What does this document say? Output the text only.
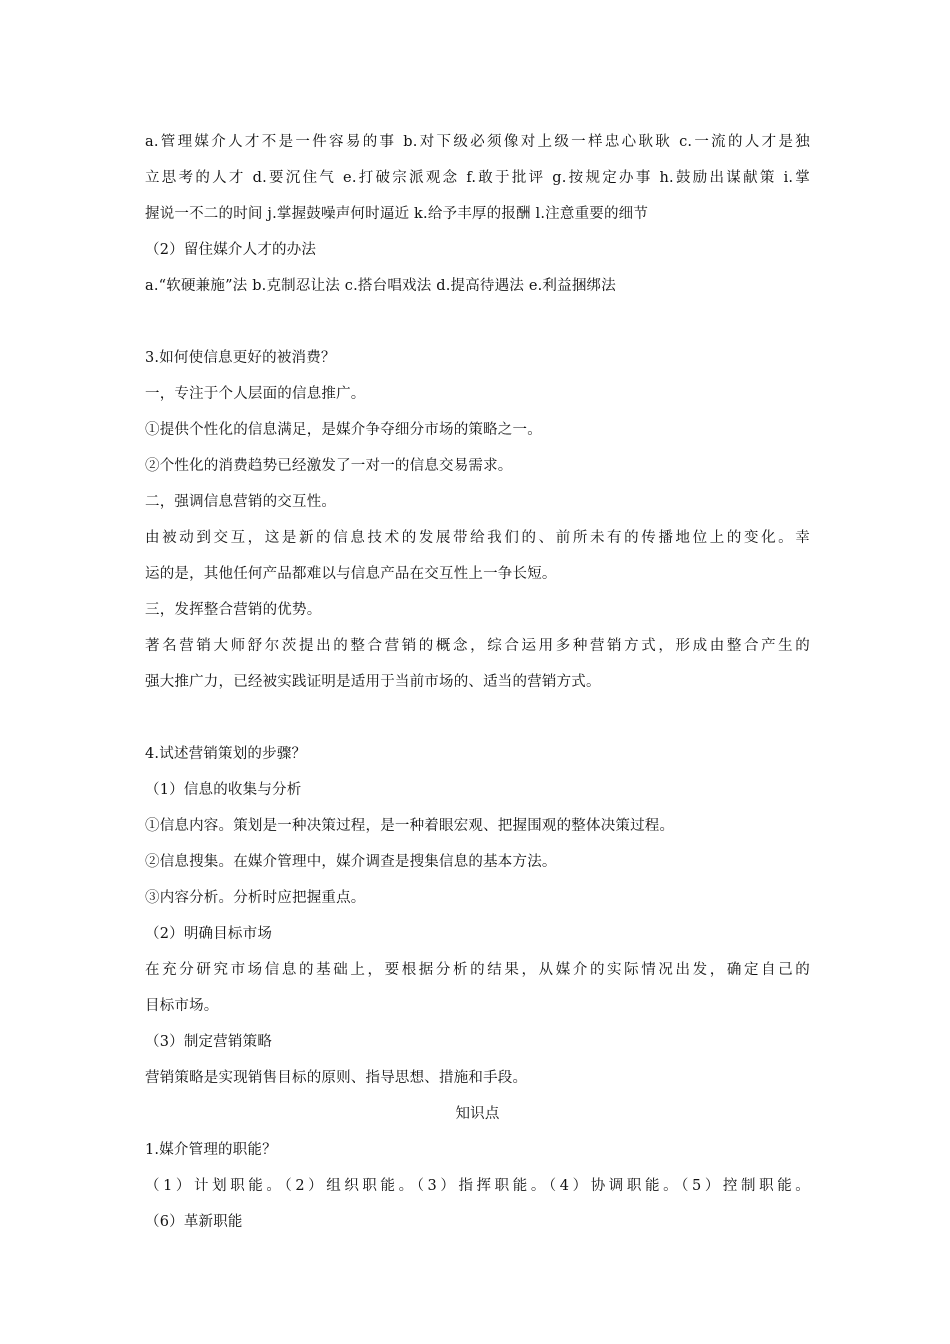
a.管理媒介人才不是一件容易的事 b.对下级必须像对上级一样忠心耿耿 c.一流的人才是独
立思考的人才 d.要沉住气 e.打破宗派观念 f.敢于批评 g.按规定办事 h.鼓励出谋献策 i.掌
握说一不二的时间 j.掌握鼓噪声何时逼近 k.给予丰厚的报酬 l.注意重要的细节
（2）留住媒介人才的办法
a.“软硬兼施”法 b.克制忍让法 c.搭台唱戏法 d.提高待遇法 e.利益捆绑法
3.如何使信息更好的被消费？
一，专注于个人层面的信息推广。
①提供个性化的信息满足，是媒介争夺细分市场的策略之一。
②个性化的消费趋势已经激发了一对一的信息交易需求。
二，强调信息营销的交互性。
由被动到交互，这是新的信息技术的发展带给我们的、前所未有的传播地位上的变化。幸
运的是，其他任何产品都难以与信息产品在交互性上一争长短。
三，发挥整合营销的优势。
著名营销大师舒尔茨提出的整合营销的概念，综合运用多种营销方式，形成由整合产生的
强大推广力，已经被实践证明是适用于当前市场的、适当的营销方式。
4.试述营销策划的步骤？
（1）信息的收集与分析
①信息内容。策划是一种决策过程，是一种着眼宏观、把握围观的整体决策过程。
②信息搜集。在媒介管理中，媒介调查是搜集信息的基本方法。
③内容分析。分析时应把握重点。
（2）明确目标市场
在充分研究市场信息的基础上，要根据分析的结果，从媒介的实际情况出发，确定自己的
目标市场。
（3）制定营销策略
营销策略是实现销售目标的原则、指导思想、措施和手段。
知识点
1.媒介管理的职能？
（1）计划职能。（2）组织职能。（3）指挥职能。（4）协调职能。（5）控制职能。
（6）革新职能
